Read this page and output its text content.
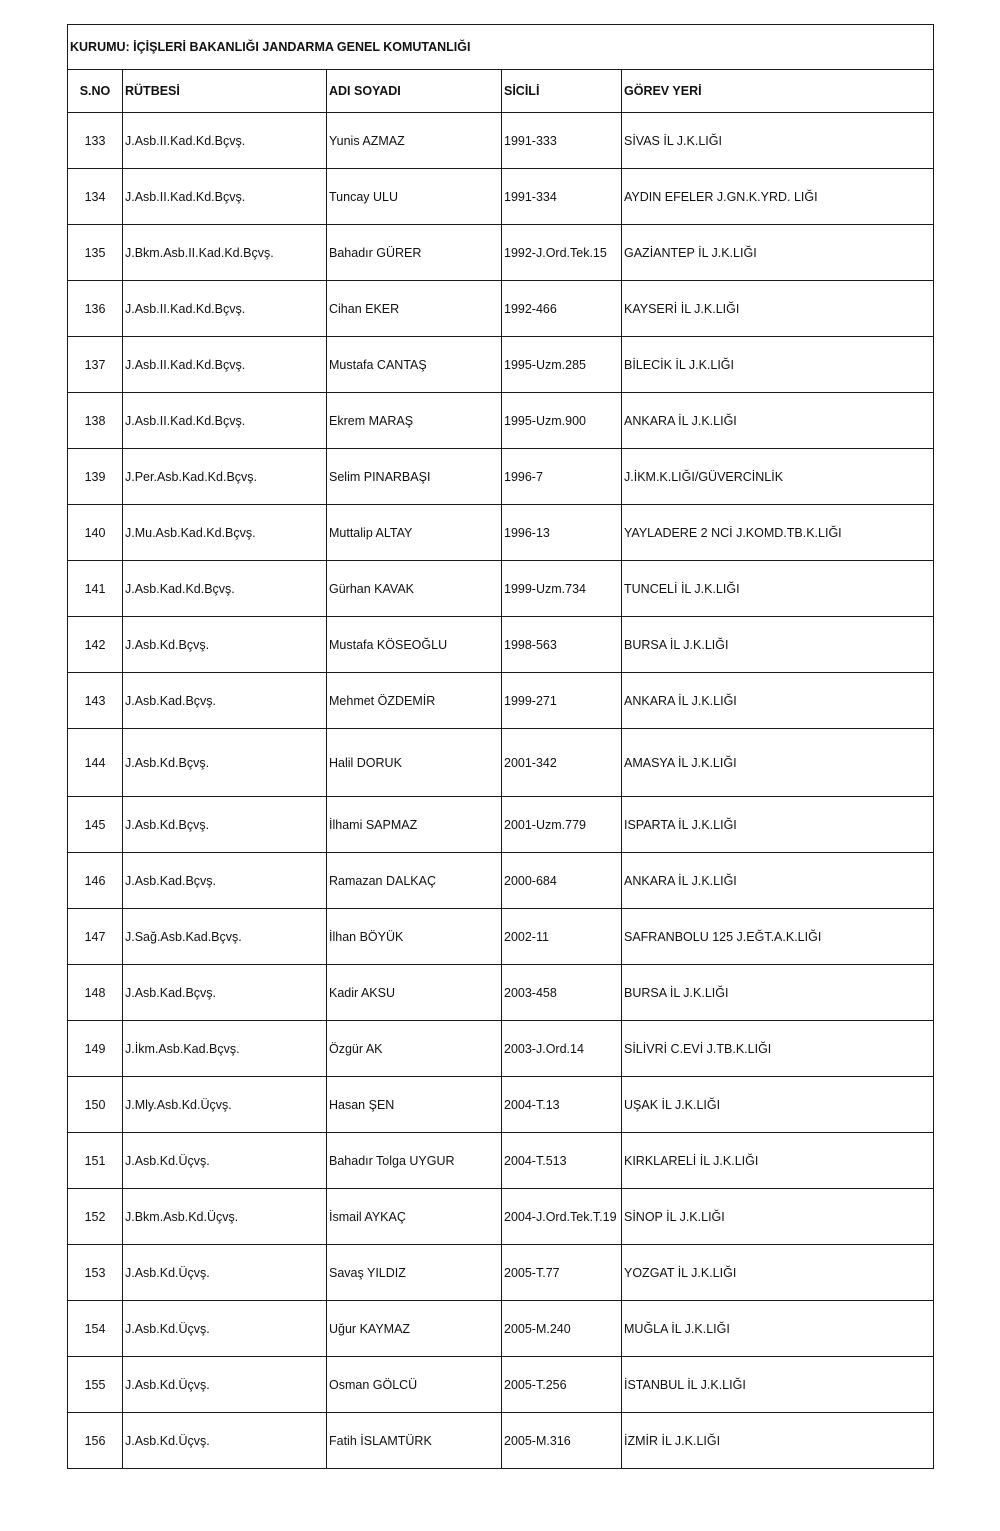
KURUMU: İÇİŞLERİ BAKANLIĞI JANDARMA GENEL KOMUTANLIĞI				
S.NO	RÜTBESİ	ADI SOYADI	SİCİLİ	GÖREV YERİ
133	J.Asb.II.Kad.Kd.Bçvş.	Yunis AZMAZ	1991-333	SİVAS İL J.K.LIĞI
134	J.Asb.II.Kad.Kd.Bçvş.	Tuncay ULU	1991-334	AYDIN EFELER J.GN.K.YRD. LIĞI
135	J.Bkm.Asb.II.Kad.Kd.Bçvş.	Bahadır GÜRER	1992-J.Ord.Tek.15	GAZİANTEP İL J.K.LIĞI
136	J.Asb.II.Kad.Kd.Bçvş.	Cihan EKER	1992-466	KAYSERİ İL J.K.LIĞI
137	J.Asb.II.Kad.Kd.Bçvş.	Mustafa CANTAŞ	1995-Uzm.285	BİLECİK İL J.K.LIĞI
138	J.Asb.II.Kad.Kd.Bçvş.	Ekrem MARAŞ	1995-Uzm.900	ANKARA İL J.K.LIĞI
139	J.Per.Asb.Kad.Kd.Bçvş.	Selim PINARBAŞI	1996-7	J.İKM.K.LIĞI/GÜVERCİNLİK
140	J.Mu.Asb.Kad.Kd.Bçvş.	Muttalip ALTAY	1996-13	YAYLADERE 2 NCİ J.KOMD.TB.K.LIĞI
141	J.Asb.Kad.Kd.Bçvş.	Gürhan KAVAK	1999-Uzm.734	TUNCELİ İL J.K.LIĞI
142	J.Asb.Kd.Bçvş.	Mustafa KÖSEOĞLU	1998-563	BURSA İL J.K.LIĞI
143	J.Asb.Kad.Bçvş.	Mehmet ÖZDEMİR	1999-271	ANKARA İL J.K.LIĞI
144	J.Asb.Kd.Bçvş.	Halil DORUK	2001-342	AMASYA İL J.K.LIĞI
145	J.Asb.Kd.Bçvş.	İlhami SAPMAZ	2001-Uzm.779	ISPARTA İL J.K.LIĞI
146	J.Asb.Kad.Bçvş.	Ramazan DALKAÇ	2000-684	ANKARA İL J.K.LIĞI
147	J.Sağ.Asb.Kad.Bçvş.	İlhan BÖYÜK	2002-11	SAFRANBOLU 125 J.EĞT.A.K.LIĞI
148	J.Asb.Kad.Bçvş.	Kadir AKSU	2003-458	BURSA İL J.K.LIĞI
149	J.İkm.Asb.Kad.Bçvş.	Özgür AK	2003-J.Ord.14	SİLİVRİ C.EVİ J.TB.K.LIĞI
150	J.Mly.Asb.Kd.Üçvş.	Hasan ŞEN	2004-T.13	UŞAK İL J.K.LIĞI
151	J.Asb.Kd.Üçvş.	Bahadır Tolga UYGUR	2004-T.513	KIRKLARELİ İL J.K.LIĞI
152	J.Bkm.Asb.Kd.Üçvş.	İsmail AYKAÇ	2004-J.Ord.Tek.T.19	SİNOP İL J.K.LIĞI
153	J.Asb.Kd.Üçvş.	Savaş YILDIZ	2005-T.77	YOZGAT İL J.K.LIĞI
154	J.Asb.Kd.Üçvş.	Uğur KAYMAZ	2005-M.240	MUĞLA İL J.K.LIĞI
155	J.Asb.Kd.Üçvş.	Osman GÖLCÜ	2005-T.256	İSTANBUL İL J.K.LIĞI
156	J.Asb.Kd.Üçvş.	Fatih İSLAMTÜRK	2005-M.316	İZMİR İL J.K.LIĞI
